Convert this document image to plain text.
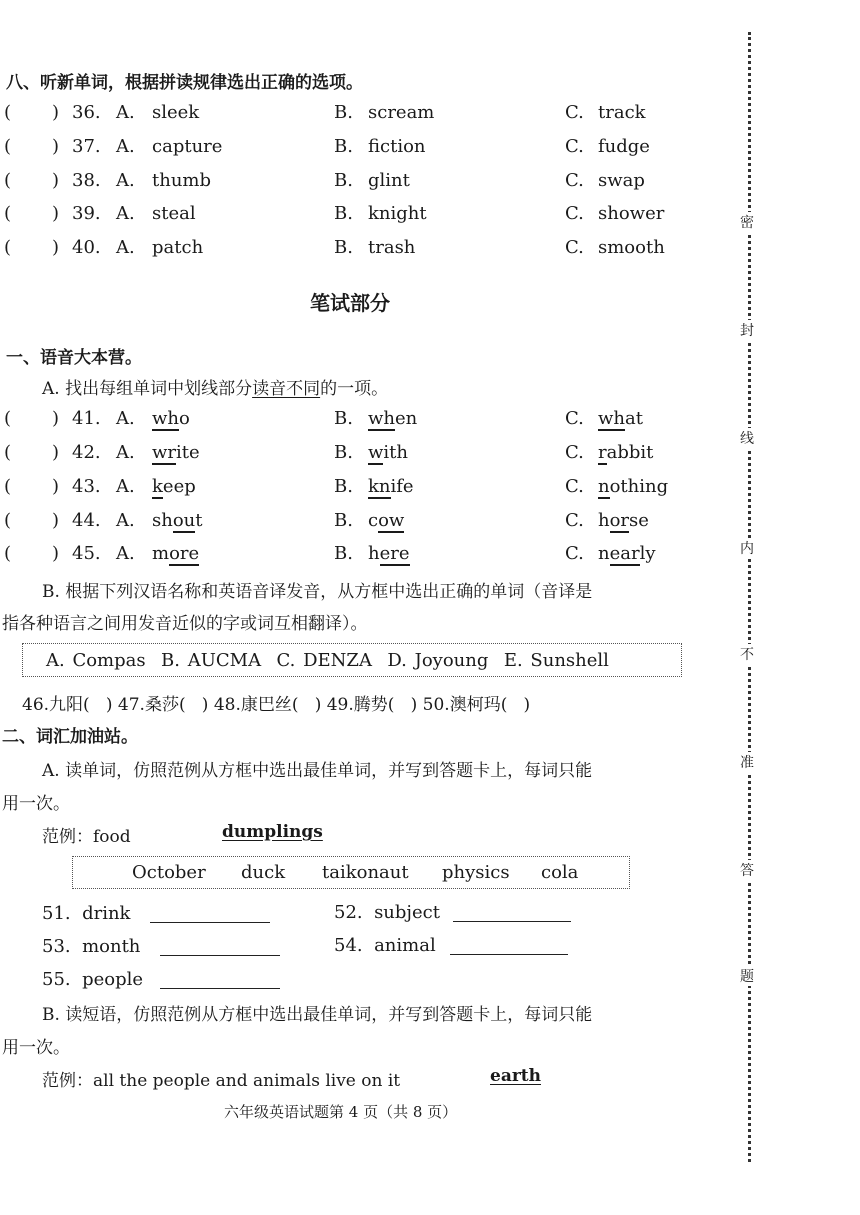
密
封
线
内
不
准
答
题
八、听新单词，根据拼读规律选出正确的选项。
( ) 36. A. sleek	B. scream	C. track
( ) 37. A. capture	B. fiction	C. fudge
( ) 38. A. thumb	B. glint	C. swap
( ) 39. A. steal	B. knight	C. shower
( ) 40. A. patch	B. trash	C. smooth
笔试部分
一、语音大本营。
A. 找出每组单词中划线部分读音不同的一项。
( ) 41. A. who	B. when	C. what
( ) 42. A. write	B. with	C. rabbit
( ) 43. A. keep	B. knife	C. nothing
( ) 44. A. shout	B. cow	C. horse
( ) 45. A. more	B. here	C. nearly
B. 根据下列汉语名称和英语音译发音，从方框中选出正确的单词（音译是
指各种语言之间用发音近似的字或词互相翻译）。
A. Compas  B. AUCMA  C. DENZA  D. Joyoung  E. Sunshell
46.九阳(   ) 47.桑莎(   ) 48.康巴丝(   ) 49.腾势(   ) 50.澳柯玛(   )
二、词汇加油站。
A. 读单词，仿照范例从方框中选出最佳单词，并写到答题卡上，每词只能
用一次。
范例：food	dumplings
October duck taikonaut physics cola
51.  drink	52.  subject
53.  month	54.  animal
55.  people
B. 读短语，仿照范例从方框中选出最佳单词，并写到答题卡上，每词只能
用一次。
范例：all the people and animals live on it	earth
六年级英语试题第 4 页（共 8 页）
